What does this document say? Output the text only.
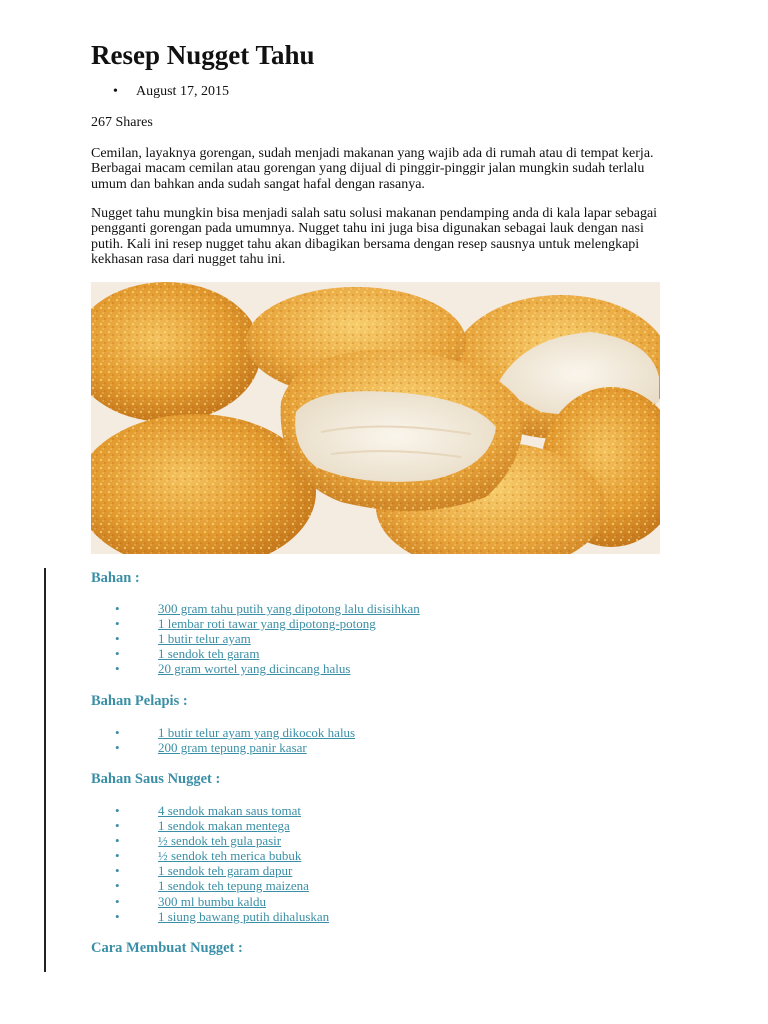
Resep Nugget Tahu
• August 17, 2015

267 Shares

Cemilan, layaknya gorengan, sudah menjadi makanan yang wajib ada di rumah atau di tempat kerja. Berbagai macam cemilan atau gorengan yang dijual di pinggir-pinggir jalan mungkin sudah terlalu umum dan bahkan anda sudah sangat hafal dengan rasanya.

Nugget tahu mungkin bisa menjadi salah satu solusi makanan pendamping anda di kala lapar sebagai pengganti gorengan pada umumnya. Nugget tahu ini juga bisa digunakan sebagai lauk dengan nasi putih. Kali ini resep nugget tahu akan dibagikan bersama dengan resep sausnya untuk melengkapi kekhasan rasa dari nugget tahu ini.

Bahan :
• 300 gram tahu putih yang dipotong lalu disisihkan
• 1 lembar roti tawar yang dipotong-potong
• 1 butir telur ayam
• 1 sendok teh garam
• 20 gram wortel yang dicincang halus
Bahan Pelapis :
• 1 butir telur ayam yang dikocok halus
• 200 gram tepung panir kasar
Bahan Saus Nugget :
• 4 sendok makan saus tomat
• 1 sendok makan mentega
• ½ sendok teh gula pasir
• ½ sendok teh merica bubuk
• 1 sendok teh garam dapur
• 1 sendok teh tepung maizena
• 300 ml bumbu kaldu
• 1 siung bawang putih dihaluskan
Cara Membuat Nugget :
